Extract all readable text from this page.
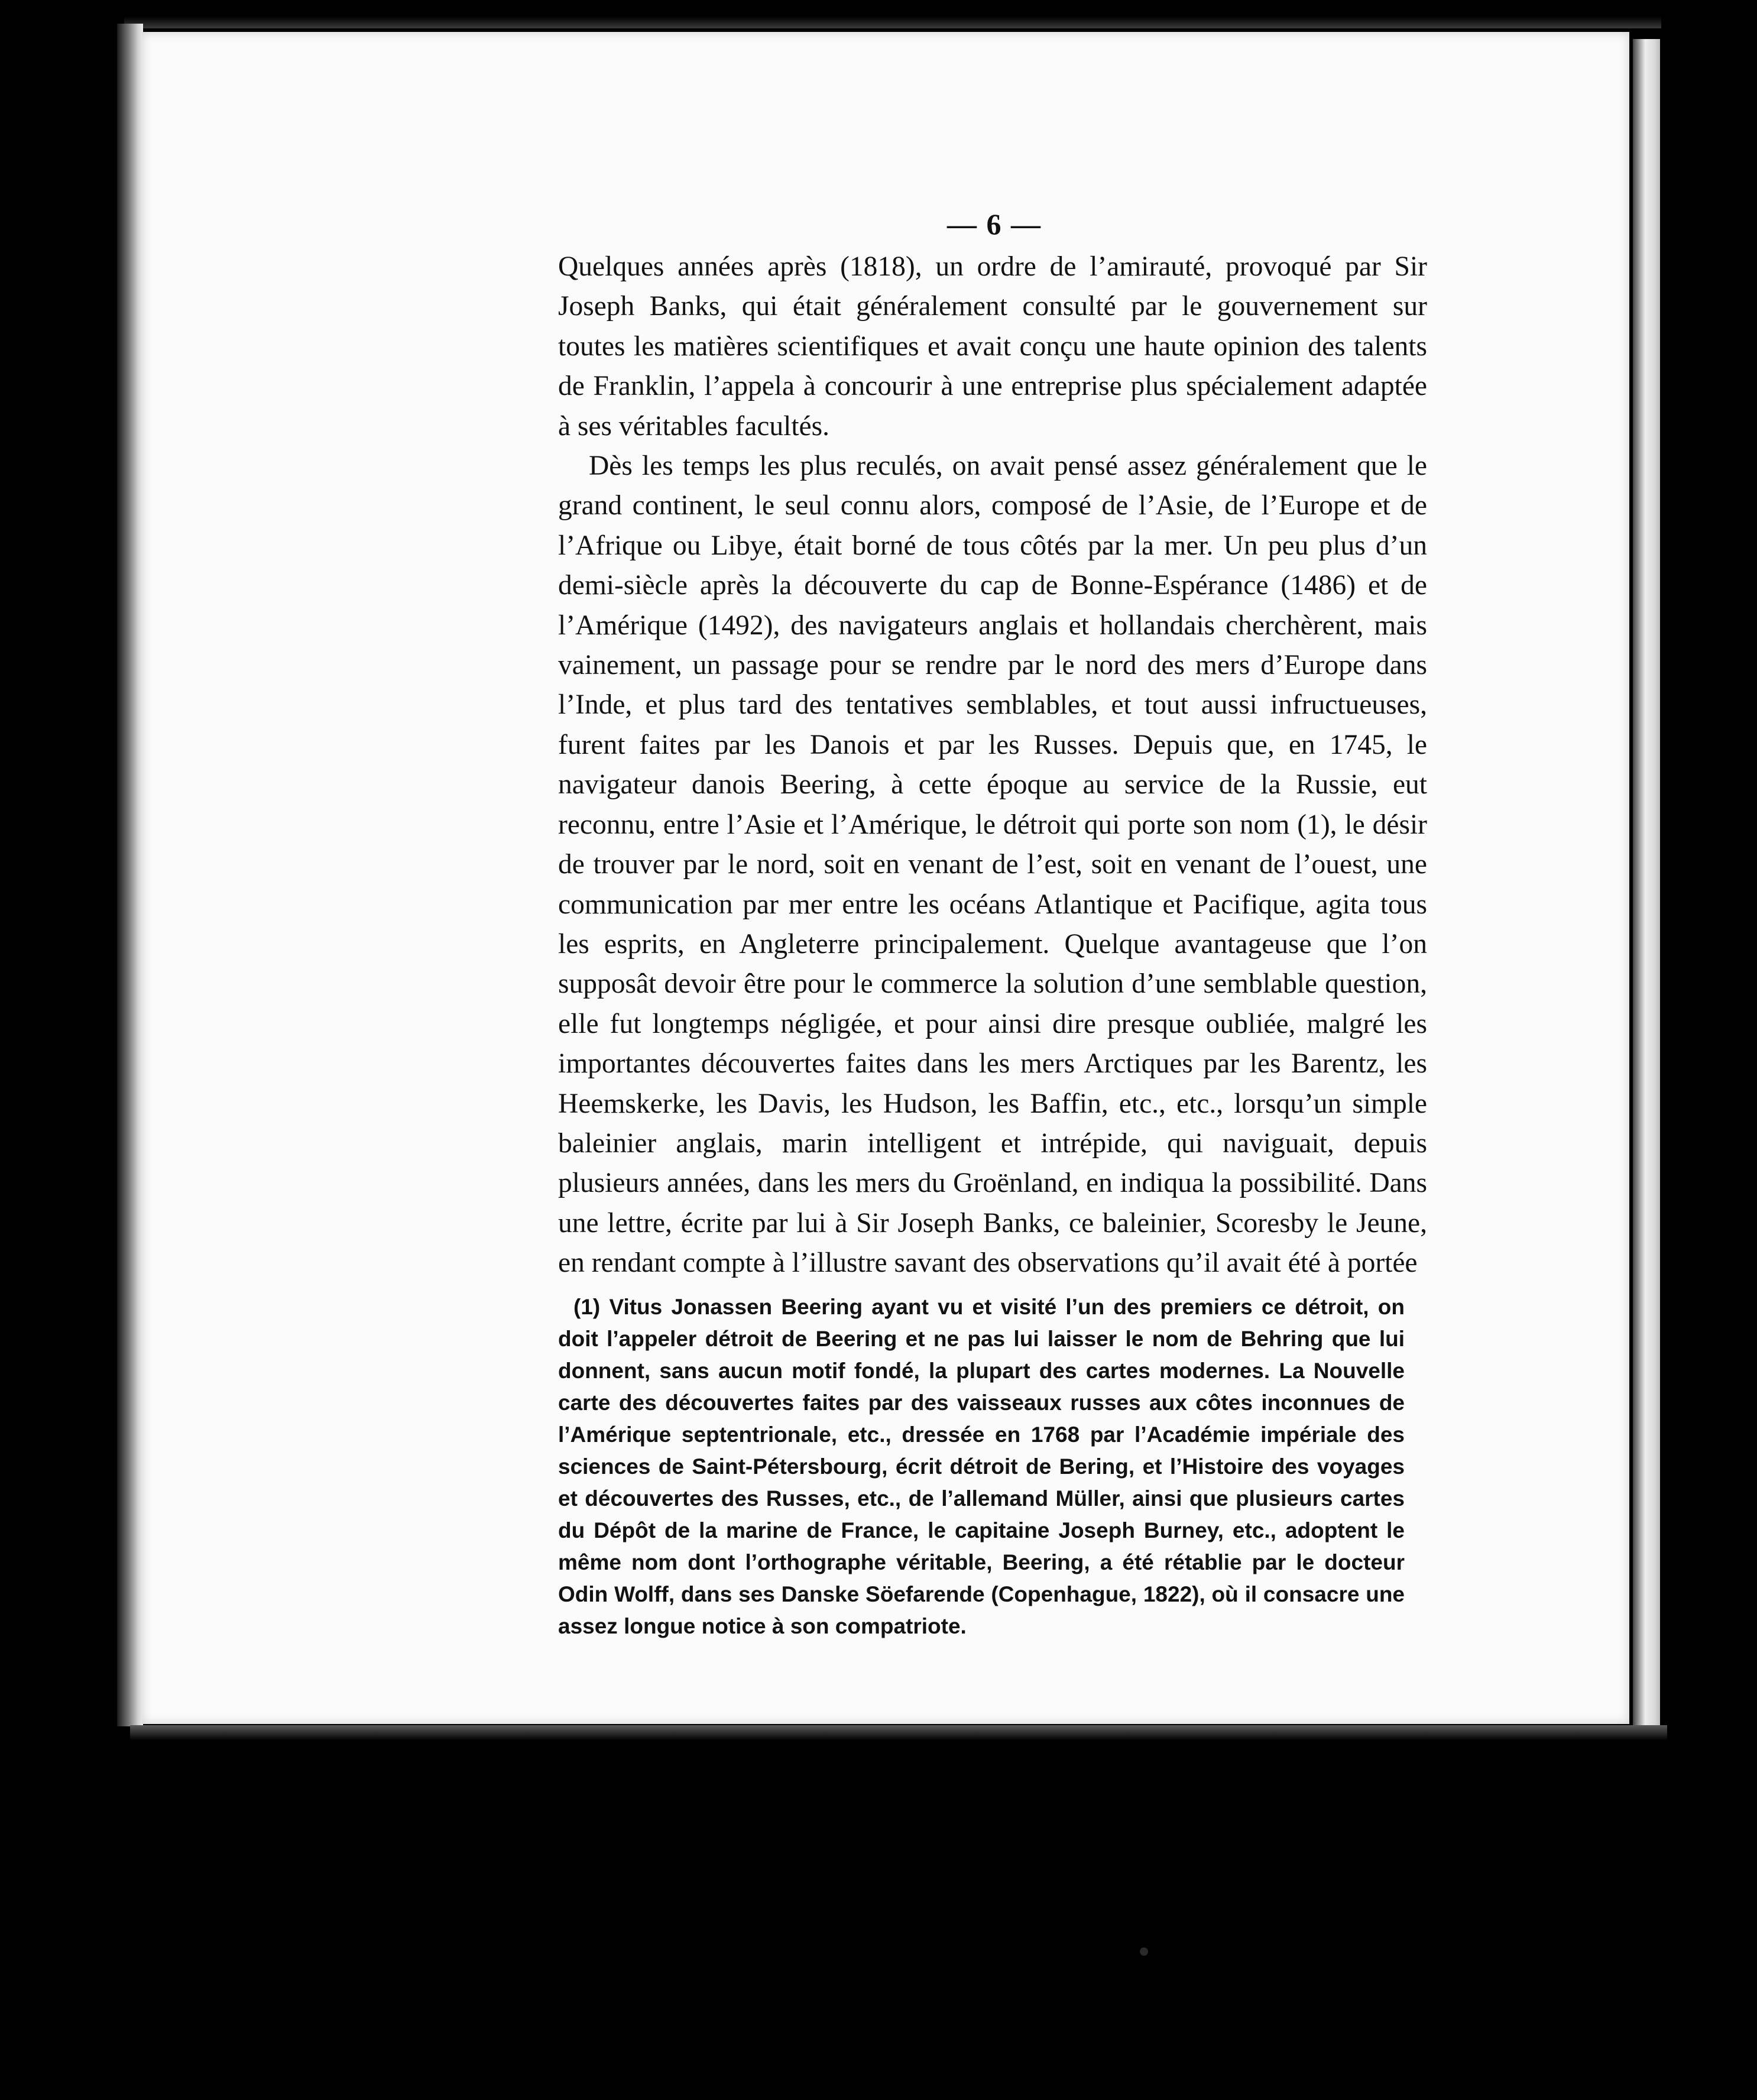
— 6 —

Quelques années après (1818), un ordre de l’amirauté, provoqué par Sir Joseph Banks, qui était généralement consulté par le gouvernement sur toutes les matières scientifiques et avait conçu une haute opinion des talents de Franklin, l’appela à concourir à une entreprise plus spécialement adaptée à ses véritables facultés.

Dès les temps les plus reculés, on avait pensé assez généralement que le grand continent, le seul connu alors, composé de l’Asie, de l’Europe et de l’Afrique ou Libye, était borné de tous côtés par la mer. Un peu plus d’un demi-siècle après la découverte du cap de Bonne-Espérance (1486) et de l’Amérique (1492), des navigateurs anglais et hollandais cherchèrent, mais vainement, un passage pour se rendre par le nord des mers d’Europe dans l’Inde, et plus tard des tentatives semblables, et tout aussi infructueuses, furent faites par les Danois et par les Russes. Depuis que, en 1745, le navigateur danois Beering, à cette époque au service de la Russie, eut reconnu, entre l’Asie et l’Amérique, le détroit qui porte son nom (1), le désir de trouver par le nord, soit en venant de l’est, soit en venant de l’ouest, une communication par mer entre les océans Atlantique et Pacifique, agita tous les esprits, en Angleterre principalement. Quelque avantageuse que l’on supposât devoir être pour le commerce la solution d’une semblable question, elle fut longtemps négligée, et pour ainsi dire presque oubliée, malgré les importantes découvertes faites dans les mers Arctiques par les Barentz, les Heemskerke, les Davis, les Hudson, les Baffin, etc., etc., lorsqu’un simple baleinier anglais, marin intelligent et intrépide, qui naviguait, depuis plusieurs années, dans les mers du Groënland, en indiqua la possibilité. Dans une lettre, écrite par lui à Sir Joseph Banks, ce baleinier, Scoresby le Jeune, en rendant compte à l’illustre savant des observations qu’il avait été à portée

(1) Vitus Jonassen Beering ayant vu et visité l’un des premiers ce détroit, on doit l’appeler détroit de Beering et ne pas lui laisser le nom de Behring que lui donnent, sans aucun motif fondé, la plupart des cartes modernes. La Nouvelle carte des découvertes faites par des vaisseaux russes aux côtes inconnues de l’Amérique septentrionale, etc., dressée en 1768 par l’Académie impériale des sciences de Saint-Pétersbourg, écrit détroit de Bering, et l’Histoire des voyages et découvertes des Russes, etc., de l’allemand Müller, ainsi que plusieurs cartes du Dépôt de la marine de France, le capitaine Joseph Burney, etc., adoptent le même nom dont l’orthographe véritable, Beering, a été rétablie par le docteur Odin Wolff, dans ses Danske Söefarende (Copenhague, 1822), où il consacre une assez longue notice à son compatriote.
